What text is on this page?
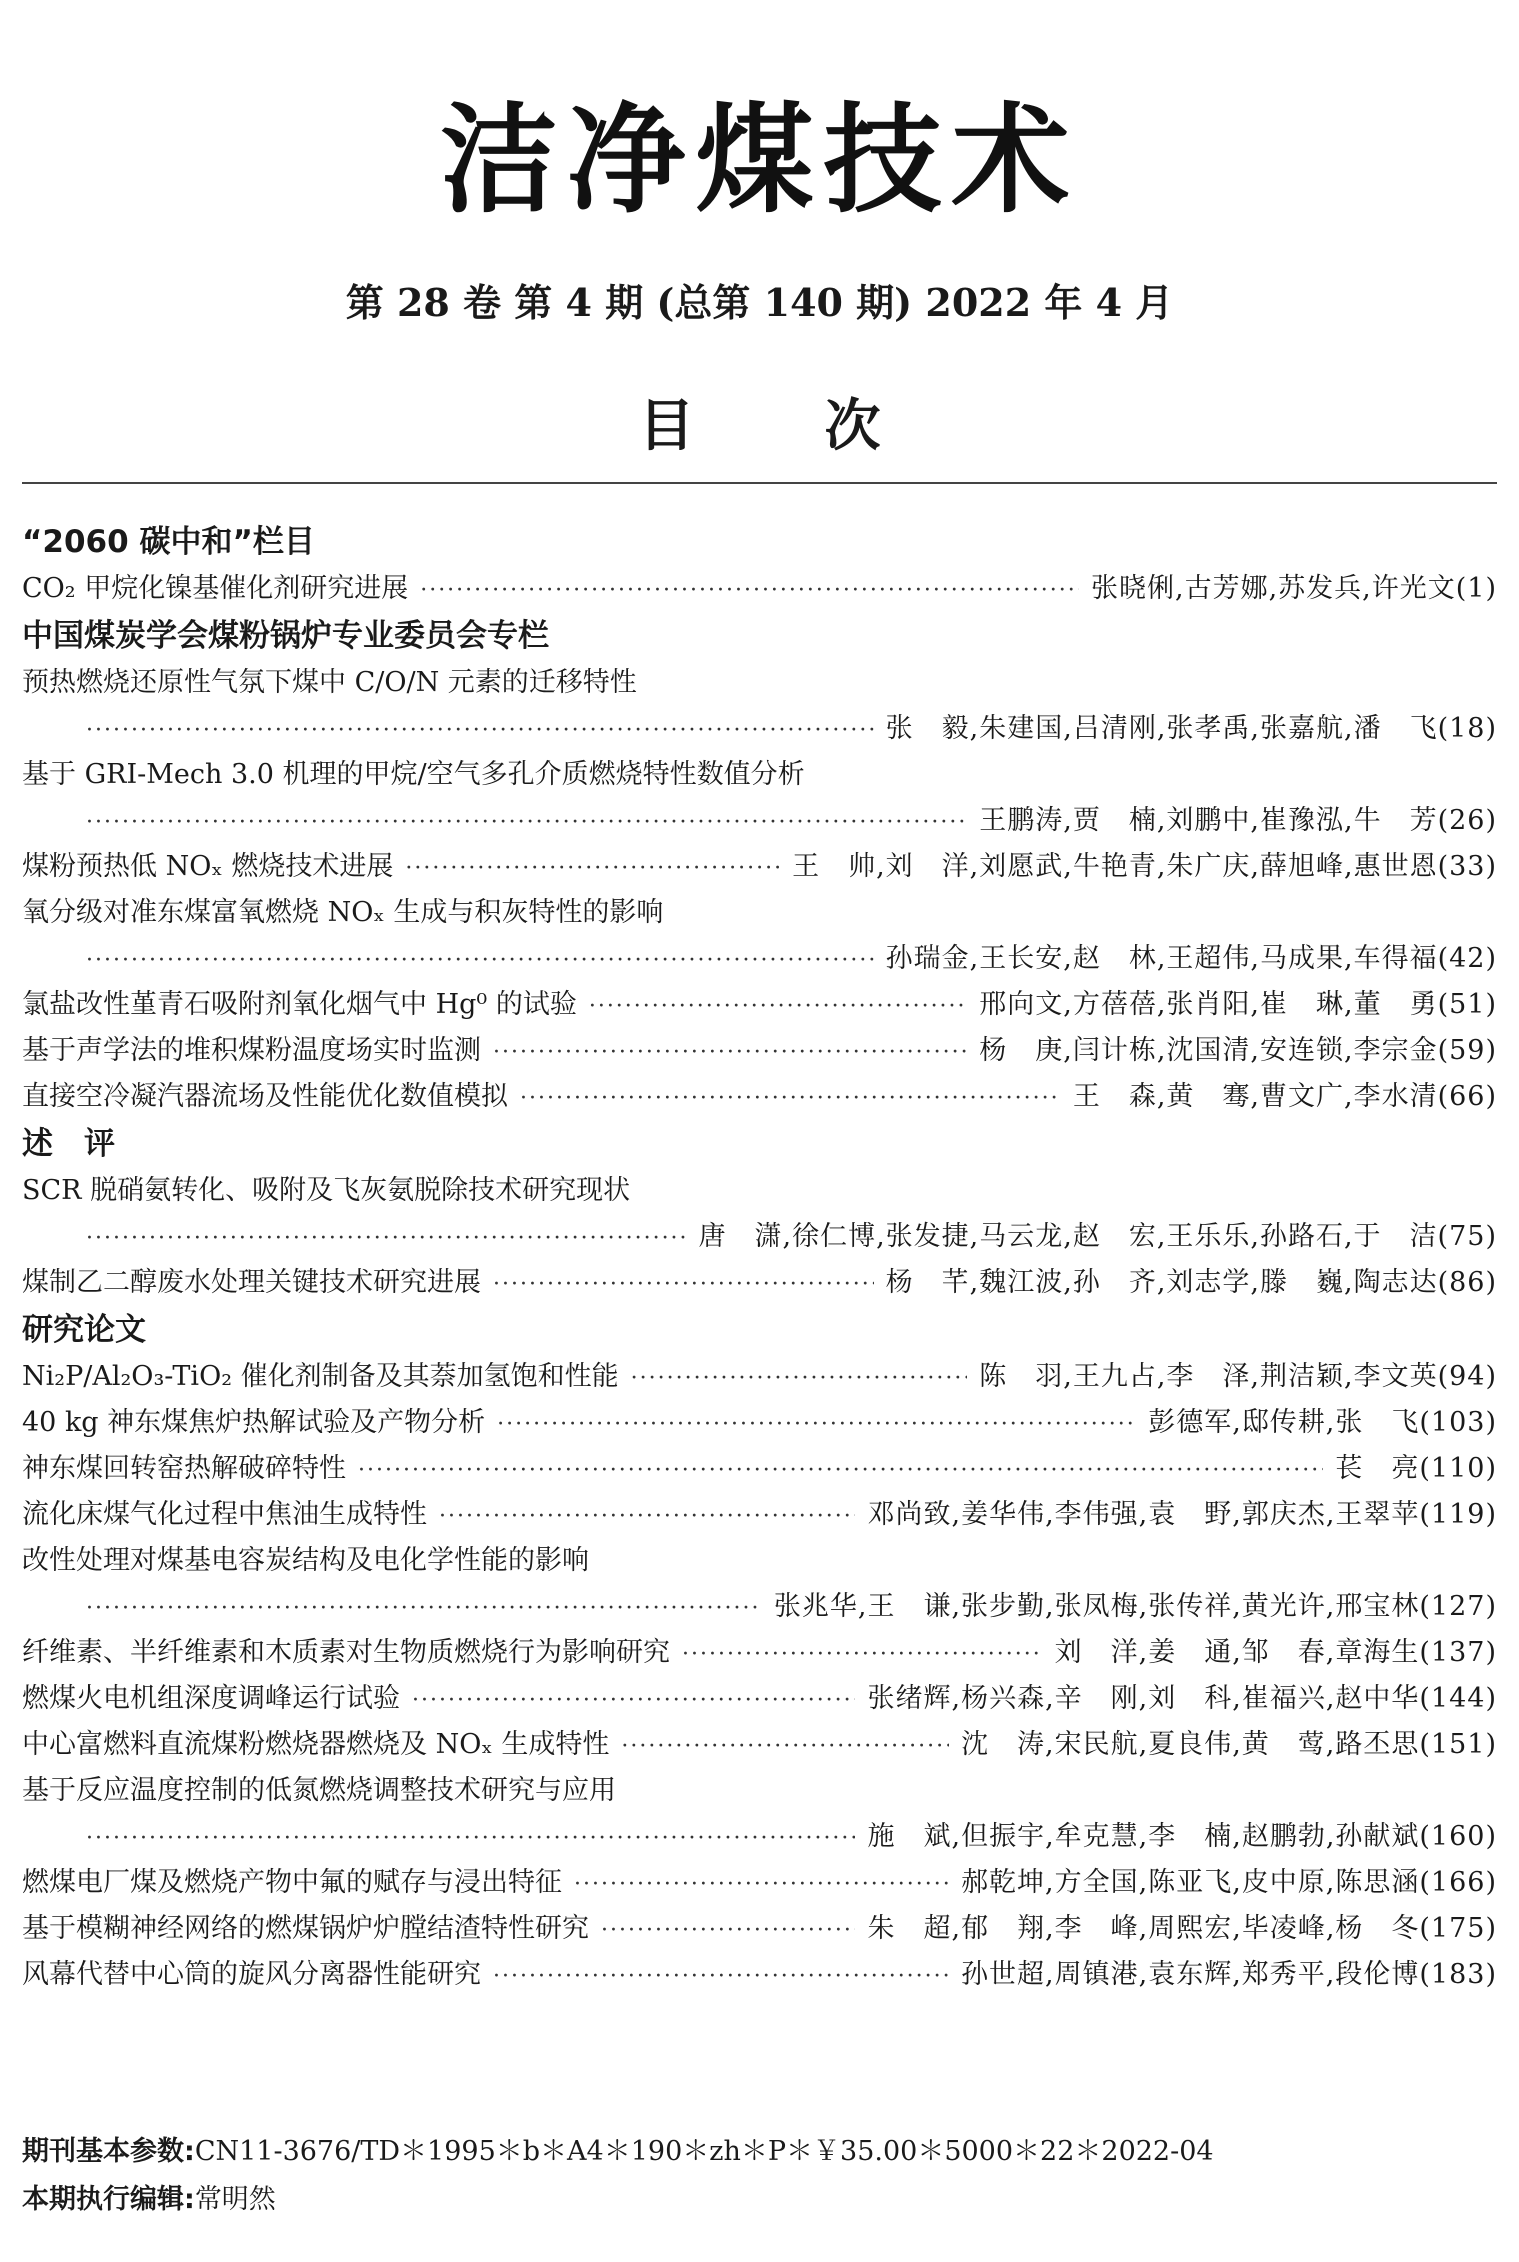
洁净煤技术
第 28 卷 第 4 期 (总第 140 期) 2022 年 4 月
目次
“2060 碳中和”栏目
CO₂ 甲烷化镍基催化剂研究进展 ·····	张晓俐,古芳娜,苏发兵,许光文(1)
中国煤炭学会煤粉锅炉专业委员会专栏
预热燃烧还原性气氛下煤中 C/O/N 元素的迁移特性
·····
张　毅,朱建国,吕清刚,张孝禹,张嘉航,潘　飞(18)
基于 GRI-Mech 3.0 机理的甲烷/空气多孔介质燃烧特性数值分析
·····
王鹏涛,贾　楠,刘鹏中,崔豫泓,牛　芳(26)
煤粉预热低 NOₓ 燃烧技术进展 ·····	王　帅,刘　洋,刘愿武,牛艳青,朱广庆,薛旭峰,惠世恩(33)
氧分级对准东煤富氧燃烧 NOₓ 生成与积灰特性的影响
·····
孙瑞金,王长安,赵　林,王超伟,马成果,车得福(42)
氯盐改性堇青石吸附剂氧化烟气中 Hg⁰ 的试验 ·····	邢向文,方蓓蓓,张肖阳,崔　琳,董　勇(51)
基于声学法的堆积煤粉温度场实时监测 ·····	杨　庚,闫计栋,沈国清,安连锁,李宗金(59)
直接空冷凝汽器流场及性能优化数值模拟 ·····	王　森,黄　骞,曹文广,李水清(66)
述　评
SCR 脱硝氨转化、吸附及飞灰氨脱除技术研究现状
·····
唐　潇,徐仁博,张发捷,马云龙,赵　宏,王乐乐,孙路石,于　洁(75)
煤制乙二醇废水处理关键技术研究进展 ·····	杨　芊,魏江波,孙　齐,刘志学,滕　巍,陶志达(86)
研究论文
Ni₂P/Al₂O₃-TiO₂ 催化剂制备及其萘加氢饱和性能 ·····	陈　羽,王九占,李　泽,荆洁颖,李文英(94)
40 kg 神东煤焦炉热解试验及产物分析 ·····	彭德军,邸传耕,张　飞(103)
神东煤回转窑热解破碎特性 ·····	苌　亮(110)
流化床煤气化过程中焦油生成特性 ·····	邓尚致,姜华伟,李伟强,袁　野,郭庆杰,王翠苹(119)
改性处理对煤基电容炭结构及电化学性能的影响
·····
张兆华,王　谦,张步勤,张凤梅,张传祥,黄光许,邢宝林(127)
纤维素、半纤维素和木质素对生物质燃烧行为影响研究 ·····	刘　洋,姜　通,邹　春,章海生(137)
燃煤火电机组深度调峰运行试验 ·····	张绪辉,杨兴森,辛　刚,刘　科,崔福兴,赵中华(144)
中心富燃料直流煤粉燃烧器燃烧及 NOₓ 生成特性 ·····	沈　涛,宋民航,夏良伟,黄　莺,路丕思(151)
基于反应温度控制的低氮燃烧调整技术研究与应用
·····
施　斌,但振宇,牟克慧,李　楠,赵鹏勃,孙献斌(160)
燃煤电厂煤及燃烧产物中氟的赋存与浸出特征 ·····	郝乾坤,方全国,陈亚飞,皮中原,陈思涵(166)
基于模糊神经网络的燃煤锅炉炉膛结渣特性研究 ·····	朱　超,郁　翔,李　峰,周熙宏,毕凌峰,杨　冬(175)
风幕代替中心筒的旋风分离器性能研究 ·····	孙世超,周镇港,袁东辉,郑秀平,段伦博(183)
期刊基本参数:CN11-3676/TD＊1995＊b＊A4＊190＊zh＊P＊￥35.00＊5000＊22＊2022-04
本期执行编辑:常明然
